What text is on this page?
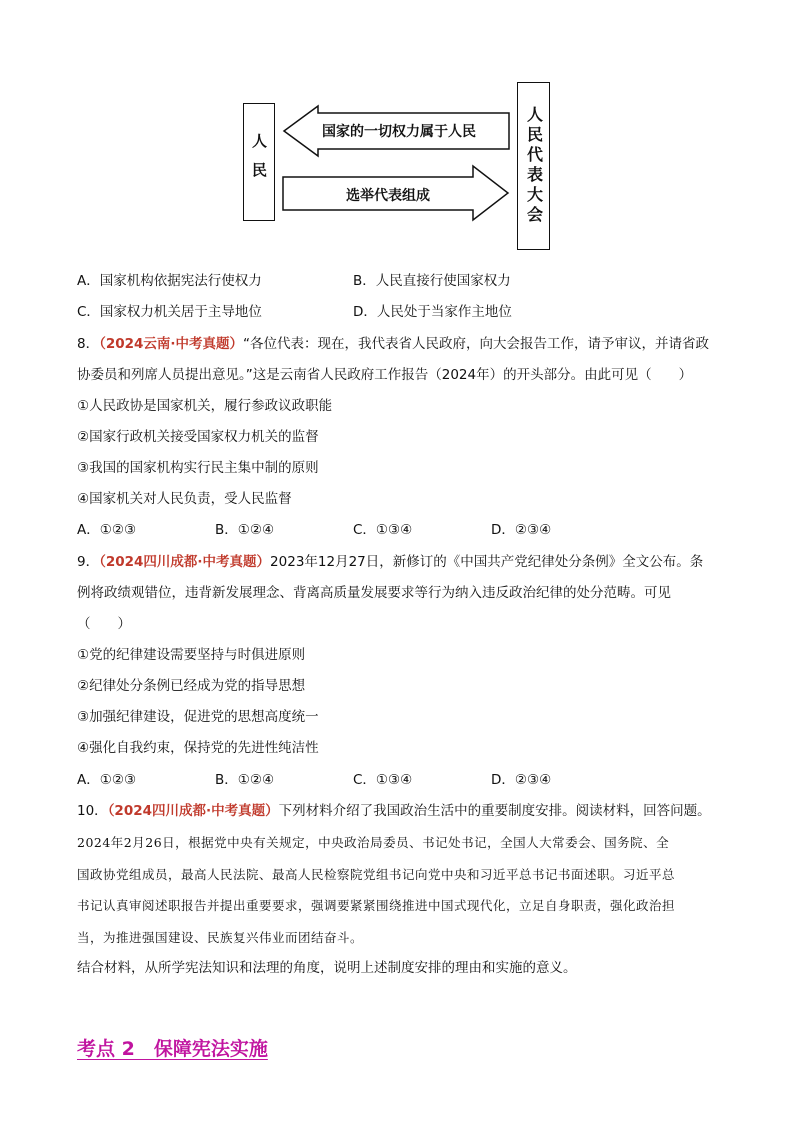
人民	人民代表大会
国家的一切权力属于人民
选举代表组成
A．国家机构依据宪法行使权力	B．人民直接行使国家权力
C．国家权力机关居于主导地位	D．人民处于当家作主地位
8．（2024云南·中考真题）“各位代表：现在，我代表省人民政府，向大会报告工作，请予审议，并请省政
协委员和列席人员提出意见。”这是云南省人民政府工作报告（2024年）的开头部分。由此可见（　　）
①人民政协是国家机关，履行参政议政职能
②国家行政机关接受国家权力机关的监督
③我国的国家机构实行民主集中制的原则
④国家机关对人民负责，受人民监督
A．①②③	B．①②④	C．①③④	D．②③④
9．（2024四川成都·中考真题）2023年12月27日，新修订的《中国共产党纪律处分条例》全文公布。条
例将政绩观错位，违背新发展理念、背离高质量发展要求等行为纳入违反政治纪律的处分范畴。可见
（　　）
①党的纪律建设需要坚持与时俱进原则
②纪律处分条例已经成为党的指导思想
③加强纪律建设，促进党的思想高度统一
④强化自我约束，保持党的先进性纯洁性
A．①②③	B．①②④	C．①③④	D．②③④
10．（2024四川成都·中考真题）下列材料介绍了我国政治生活中的重要制度安排。阅读材料，回答问题。
2024年2月26日，根据党中央有关规定，中央政治局委员、书记处书记，全国人大常委会、国务院、全
国政协党组成员，最高人民法院、最高人民检察院党组书记向党中央和习近平总书记书面述职。习近平总
书记认真审阅述职报告并提出重要要求，强调要紧紧围绕推进中国式现代化，立足自身职责，强化政治担
当，为推进强国建设、民族复兴伟业而团结奋斗。
结合材料，从所学宪法知识和法理的角度，说明上述制度安排的理由和实施的意义。
考点 2　保障宪法实施
